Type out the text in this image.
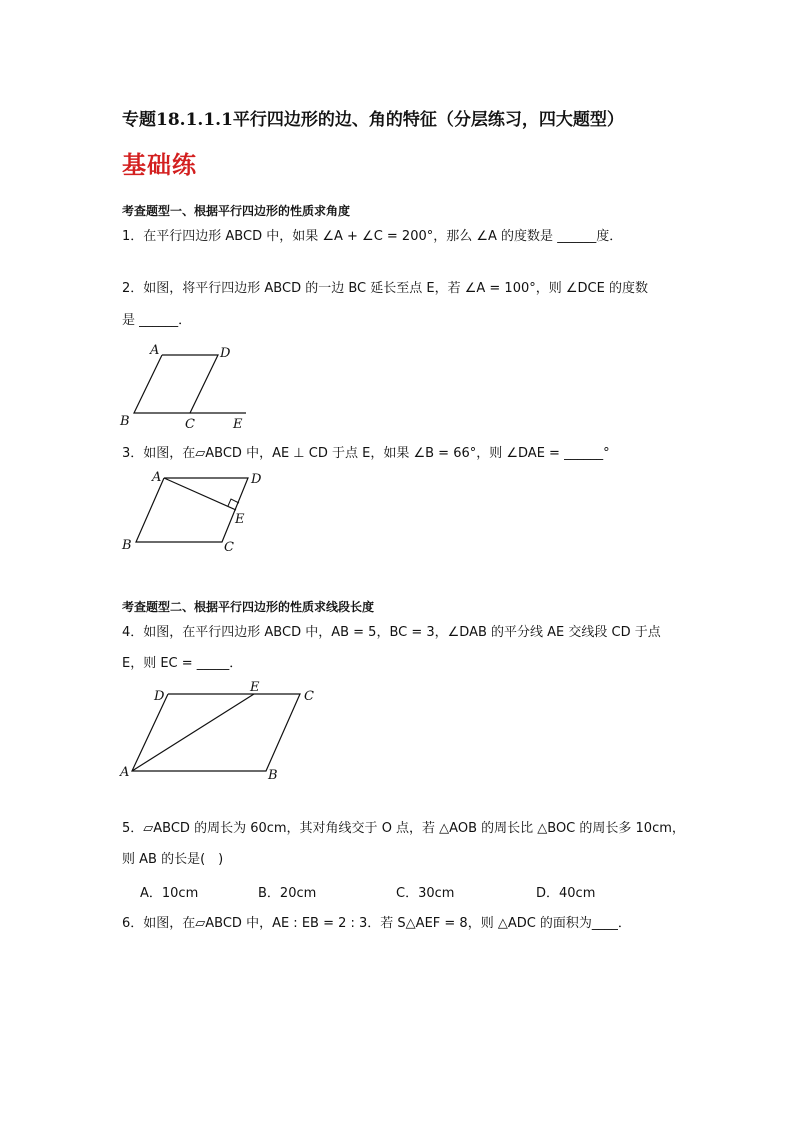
专题18.1.1.1平行四边形的边、角的特征（分层练习，四大题型）
基础练
考查题型一、根据平行四边形的性质求角度
1．在平行四边形 ABCD 中，如果 ∠A + ∠C = 200°，那么 ∠A 的度数是 ______度．
2．如图，将平行四边形 ABCD 的一边 BC 延长至点 E，若 ∠A = 100°，则 ∠DCE 的度数
是 ______．
A	D
B	C	E
3．如图，在▱ABCD 中，AE ⊥ CD 于点 E，如果 ∠B = 66°，则 ∠DAE = ______°
A	D
E
B	C
考查题型二、根据平行四边形的性质求线段长度
4．如图，在平行四边形 ABCD 中，AB = 5，BC = 3，∠DAB 的平分线 AE 交线段 CD 于点
E，则 EC = _____．
D
E
C
A	B
5．▱ABCD 的周长为 60cm，其对角线交于 O 点，若 △AOB 的周长比 △BOC 的周长多 10cm，
则 AB 的长是(　)
A．10cm	B．20cm	C．30cm	D．40cm
6．如图，在▱ABCD 中，AE : EB = 2 : 3．若 S△AEF = 8，则 △ADC 的面积为____．
